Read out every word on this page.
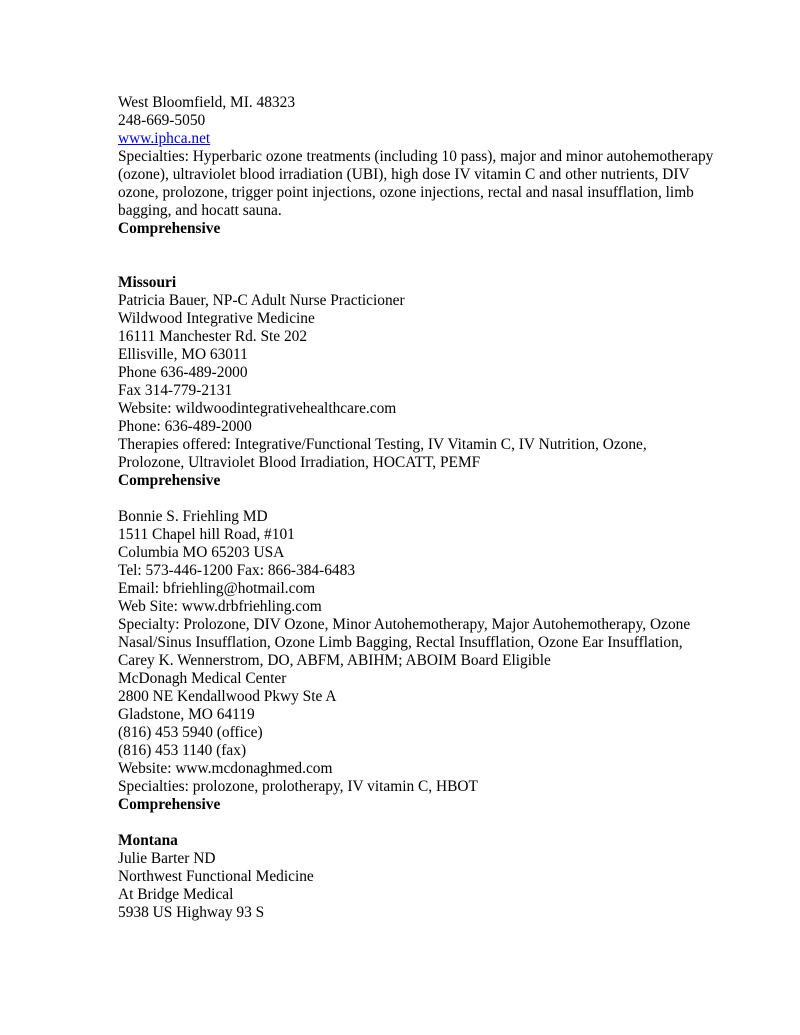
West Bloomfield, MI. 48323
248-669-5050
www.iphca.net
Specialties: Hyperbaric ozone treatments (including 10 pass), major and minor autohemotherapy
(ozone), ultraviolet blood irradiation (UBI), high dose IV vitamin C and other nutrients, DIV
ozone, prolozone, trigger point injections, ozone injections, rectal and nasal insufflation, limb
bagging, and hocatt sauna.
Comprehensive
Missouri
Patricia Bauer, NP-C Adult Nurse Practicioner
Wildwood Integrative Medicine
16111 Manchester Rd. Ste 202
Ellisville, MO 63011
Phone 636-489-2000
Fax 314-779-2131
Website: wildwoodintegrativehealthcare.com
Phone: 636-489-2000
Therapies offered: Integrative/Functional Testing, IV Vitamin C, IV Nutrition, Ozone,
Prolozone, Ultraviolet Blood Irradiation, HOCATT, PEMF
Comprehensive
Bonnie S. Friehling MD
1511 Chapel hill Road, #101
Columbia MO 65203 USA
Tel: 573-446-1200 Fax: 866-384-6483
Email: bfriehling@hotmail.com
Web Site: www.drbfriehling.com
Specialty: Prolozone, DIV Ozone, Minor Autohemotherapy, Major Autohemotherapy, Ozone
Nasal/Sinus Insufflation, Ozone Limb Bagging, Rectal Insufflation, Ozone Ear Insufflation,
Carey K. Wennerstrom, DO, ABFM, ABIHM; ABOIM Board Eligible
McDonagh Medical Center
2800 NE Kendallwood Pkwy Ste A
Gladstone, MO 64119
(816) 453 5940 (office)
(816) 453 1140 (fax)
Website: www.mcdonaghmed.com
Specialties: prolozone, prolotherapy, IV vitamin C, HBOT
Comprehensive
Montana
Julie Barter ND
Northwest Functional Medicine
At Bridge Medical
5938 US Highway 93 S
